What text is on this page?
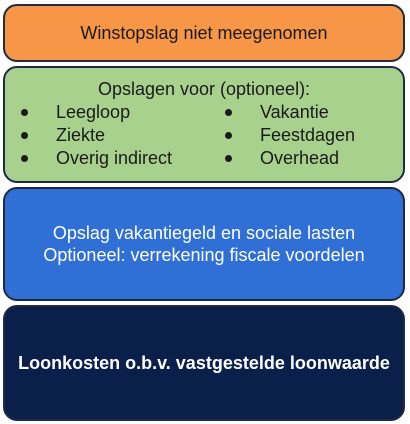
Winstopslag niet meegenomen
Opslagen voor (optioneel):
Leegloop
Ziekte
Overig indirect
Vakantie
Feestdagen
Overhead
Opslag vakantiegeld en sociale lasten
Optioneel: verrekening fiscale voordelen
Loonkosten o.b.v. vastgestelde loonwaarde
